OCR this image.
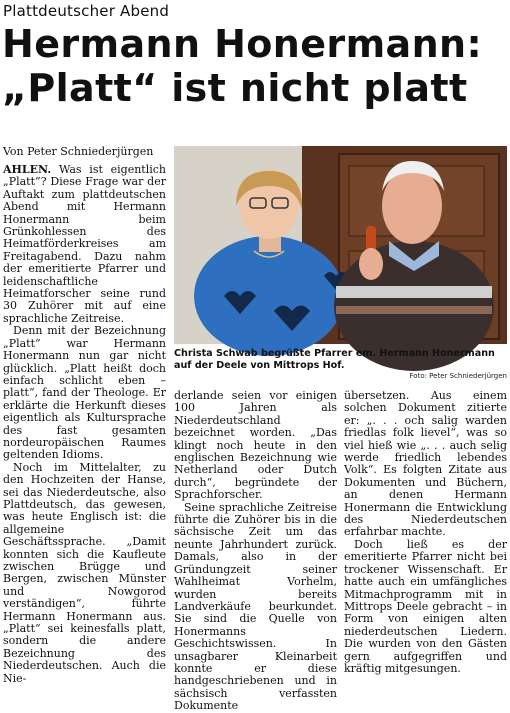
Plattdeutscher Abend
Hermann Honermann:
„Platt“ ist nicht platt
Von Peter Schniederjürgen

AHLEN. Was ist eigentlich „Platt“? Diese Frage war der Auftakt zum plattdeutschen Abend mit Hermann Honermann beim Grünkohlessen des Heimatförderkreises am Freitagabend. Dazu nahm der emeritierte Pfarrer und leidenschaftliche Heimatforscher seine rund 30 Zuhörer mit auf eine sprachliche Zeitreise.

Denn mit der Bezeichnung „Platt“ war Hermann Honermann nun gar nicht glücklich. „Platt heißt doch einfach schlicht eben – platt“, fand der Theologe. Er erklärte die Herkunft dieses eigentlich als Kultursprache des fast gesamten nordeuropäischen Raumes geltenden Idioms.

Noch im Mittelalter, zu den Hochzeiten der Hanse, sei das Niederdeutsche, also Plattdeutsch, das gewesen, was heute Englisch ist: die allgemeine Geschäftssprache. „Damit konnten sich die Kaufleute zwischen Brügge und Bergen, zwischen Münster und Nowgorod verständigen“, führte Hermann Honermann aus. „Platt“ sei keinesfalls platt, sondern die andere Bezeichnung des Niederdeutschen. Auch die Nie-

Christa Schwab begrüßte Pfarrer em. Hermann Honermann auf der Deele von Mittrops Hof.
Foto: Peter Schniederjürgen

derlande seien vor einigen 100 Jahren als Niederdeutschland bezeichnet worden. „Das klingt noch heute in den englischen Bezeichnung wie Netherland oder Dutch durch“, begründete der Sprachforscher.

Seine sprachliche Zeitreise führte die Zuhörer bis in die sächsische Zeit um das neunte Jahrhundert zurück. Damals, also in der Gründungzeit seiner Wahlheimat Vorhelm, wurden bereits Landverkäufe beurkundet. Sie sind die Quelle von Honermanns Geschichtswissen. In unsagbarer Kleinarbeit konnte er diese handgeschriebenen und in sächsisch verfassten Dokumente

übersetzen. Aus einem solchen Dokument zitierte er: „. . . och salig warden friedlas folk lievel“, was so viel hieß wie „. . . auch selig werde friedlich lebendes Volk“. Es folgten Zitate aus Dokumenten und Büchern, an denen Hermann Honermann die Entwicklung des Niederdeutschen erfahrbar machte.

Doch ließ es der emeritierte Pfarrer nicht bei trockener Wissenschaft. Er hatte auch ein umfängliches Mitmachprogramm mit in Mittrops Deele gebracht – in Form von einigen alten niederdeutschen Liedern. Die wurden von den Gästen gern aufgegriffen und kräftig mitgesungen.
